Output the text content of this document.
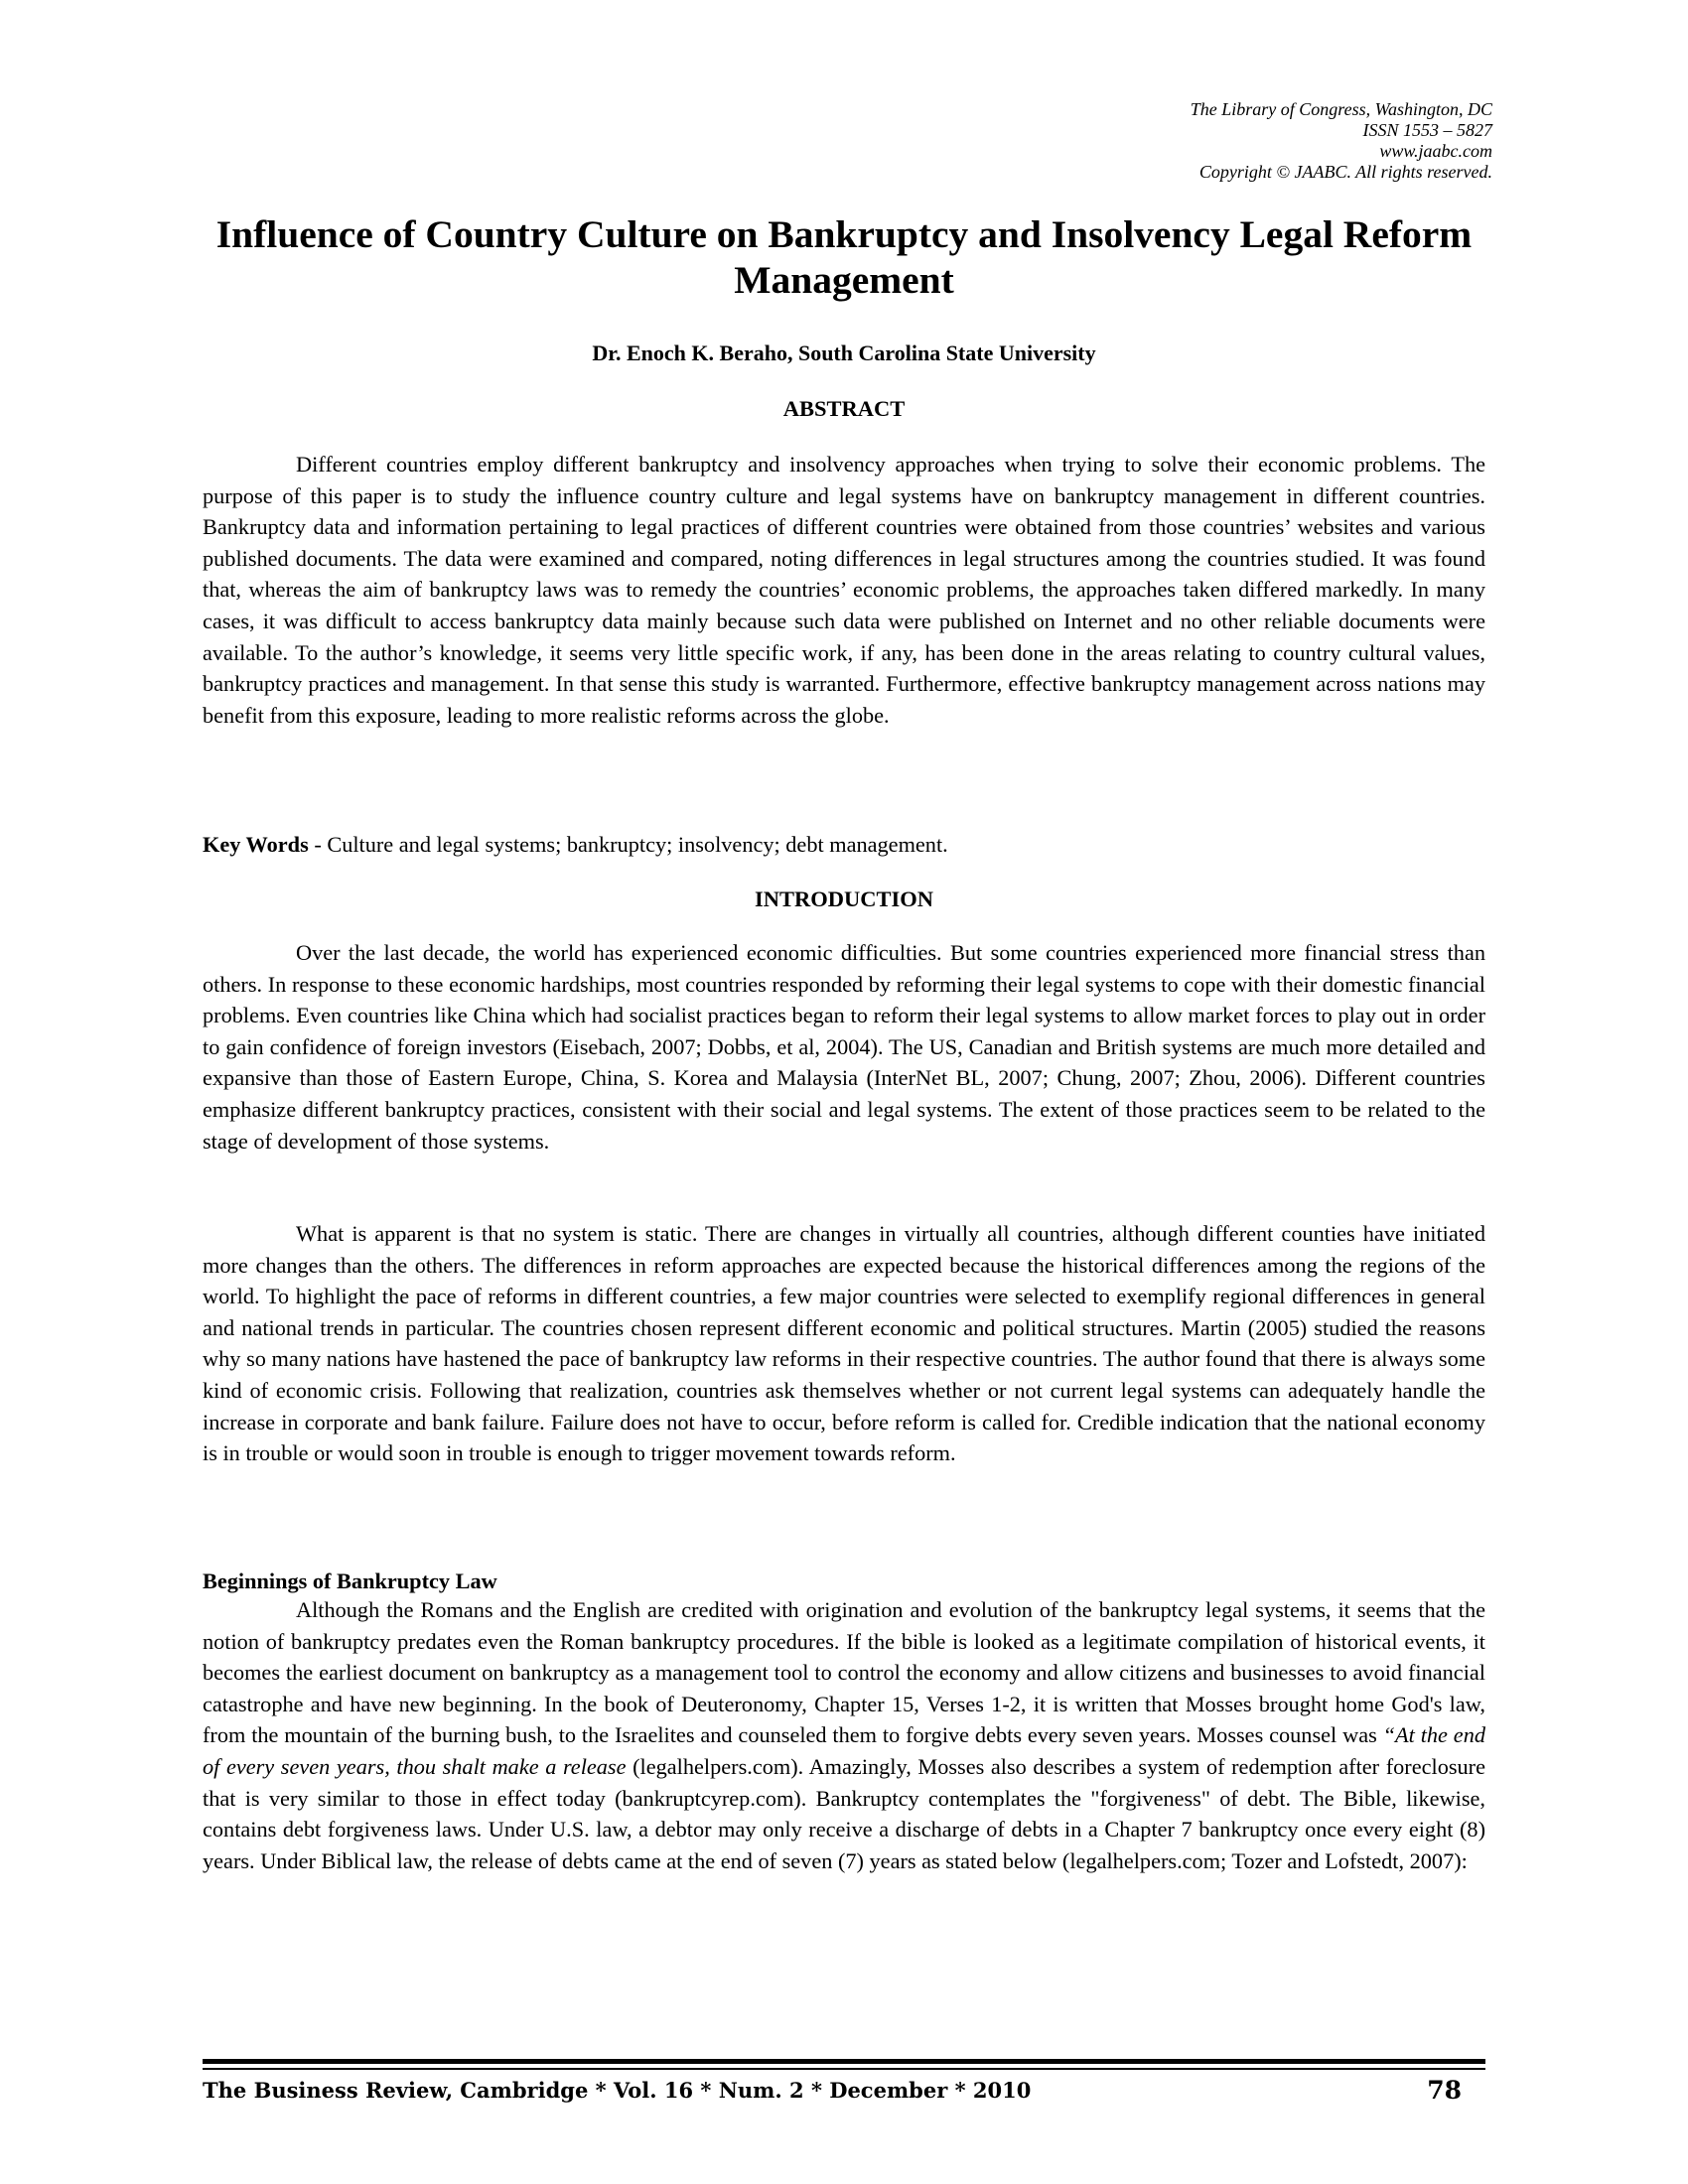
The Library of Congress, Washington, DC
ISSN 1553 – 5827
www.jaabc.com
Copyright © JAABC. All rights reserved.
Influence of Country Culture on Bankruptcy and Insolvency Legal Reform Management
Dr. Enoch K. Beraho, South Carolina State University
ABSTRACT

Different countries employ different bankruptcy and insolvency approaches when trying to solve their economic problems. The purpose of this paper is to study the influence country culture and legal systems have on bankruptcy management in different countries. Bankruptcy data and information pertaining to legal practices of different countries were obtained from those countries’ websites and various published documents. The data were examined and compared, noting differences in legal structures among the countries studied. It was found that, whereas the aim of bankruptcy laws was to remedy the countries’ economic problems, the approaches taken differed markedly. In many cases, it was difficult to access bankruptcy data mainly because such data were published on Internet and no other reliable documents were available. To the author’s knowledge, it seems very little specific work, if any, has been done in the areas relating to country cultural values, bankruptcy practices and management. In that sense this study is warranted. Furthermore, effective bankruptcy management across nations may benefit from this exposure, leading to more realistic reforms across the globe.

Key Words - Culture and legal systems; bankruptcy; insolvency; debt management.

INTRODUCTION

Over the last decade, the world has experienced economic difficulties. But some countries experienced more financial stress than others. In response to these economic hardships, most countries responded by reforming their legal systems to cope with their domestic financial problems. Even countries like China which had socialist practices began to reform their legal systems to allow market forces to play out in order to gain confidence of foreign investors (Eisebach, 2007; Dobbs, et al, 2004). The US, Canadian and British systems are much more detailed and expansive than those of Eastern Europe, China, S. Korea and Malaysia (InterNet BL, 2007; Chung, 2007; Zhou, 2006). Different countries emphasize different bankruptcy practices, consistent with their social and legal systems. The extent of those practices seem to be related to the stage of development of those systems.

What is apparent is that no system is static. There are changes in virtually all countries, although different counties have initiated more changes than the others. The differences in reform approaches are expected because the historical differences among the regions of the world. To highlight the pace of reforms in different countries, a few major countries were selected to exemplify regional differences in general and national trends in particular. The countries chosen represent different economic and political structures. Martin (2005) studied the reasons why so many nations have hastened the pace of bankruptcy law reforms in their respective countries. The author found that there is always some kind of economic crisis. Following that realization, countries ask themselves whether or not current legal systems can adequately handle the increase in corporate and bank failure. Failure does not have to occur, before reform is called for. Credible indication that the national economy is in trouble or would soon in trouble is enough to trigger movement towards reform.

Beginnings of Bankruptcy Law

Although the Romans and the English are credited with origination and evolution of the bankruptcy legal systems, it seems that the notion of bankruptcy predates even the Roman bankruptcy procedures. If the bible is looked as a legitimate compilation of historical events, it becomes the earliest document on bankruptcy as a management tool to control the economy and allow citizens and businesses to avoid financial catastrophe and have new beginning. In the book of Deuteronomy, Chapter 15, Verses 1-2, it is written that Mosses brought home God's law, from the mountain of the burning bush, to the Israelites and counseled them to forgive debts every seven years. Mosses counsel was “At the end of every seven years, thou shalt make a release (legalhelpers.com). Amazingly, Mosses also describes a system of redemption after foreclosure that is very similar to those in effect today (bankruptcyrep.com). Bankruptcy contemplates the "forgiveness" of debt. The Bible, likewise, contains debt forgiveness laws. Under U.S. law, a debtor may only receive a discharge of debts in a Chapter 7 bankruptcy once every eight (8) years. Under Biblical law, the release of debts came at the end of seven (7) years as stated below (legalhelpers.com; Tozer and Lofstedt, 2007):

The Business Review, Cambridge * Vol. 16 * Num. 2 * December * 2010	78
